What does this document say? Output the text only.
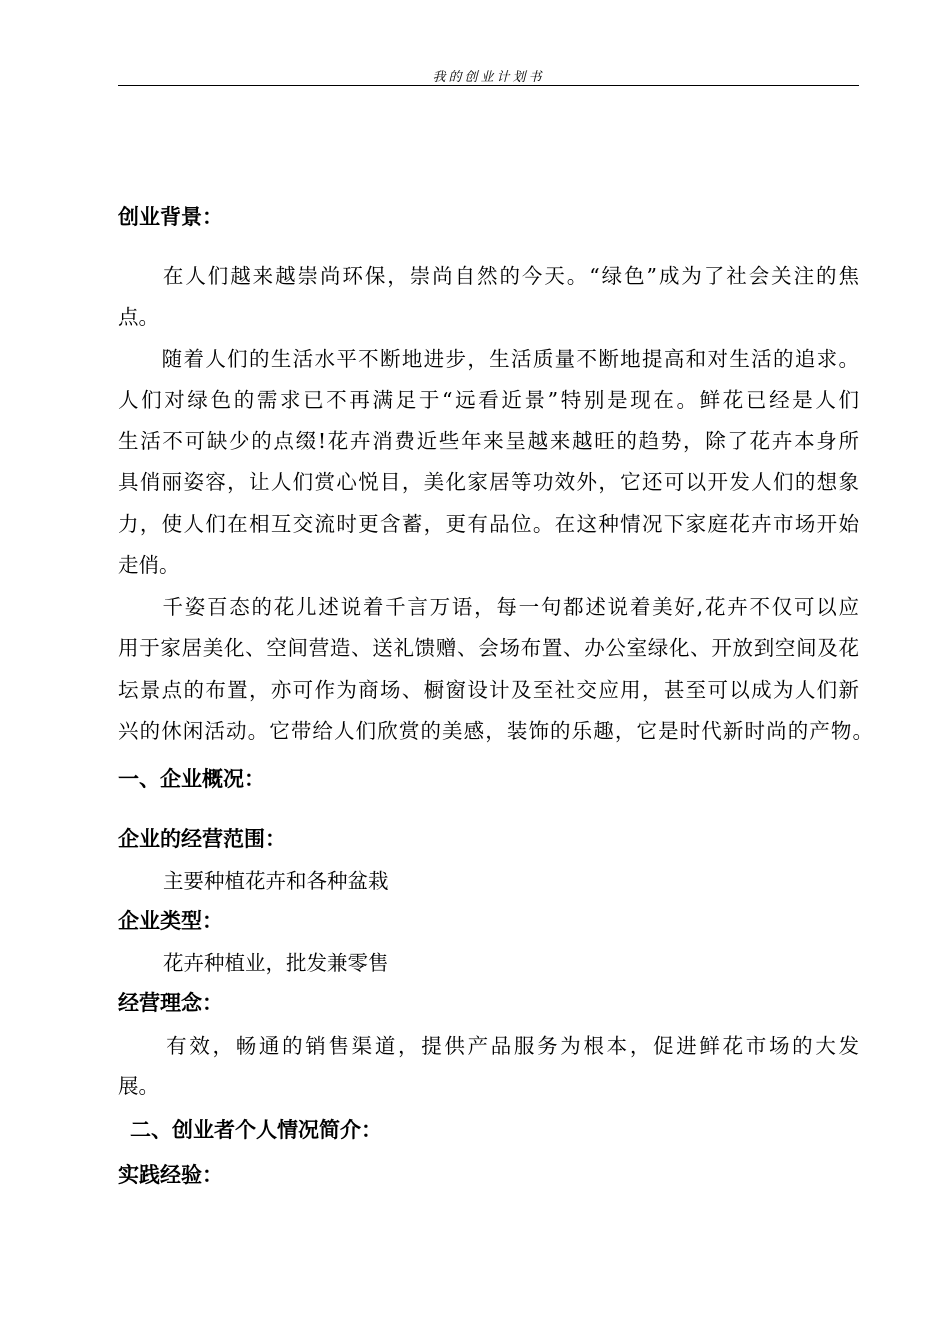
我的创业计划书
创业背景：
　　在人们越来越崇尚环保，崇尚自然的今天。“绿色”成为了社会关注的焦
点。
　　随着人们的生活水平不断地进步，生活质量不断地提高和对生活的追求。
人们对绿色的需求已不再满足于“远看近景”特别是现在。鲜花已经是人们
生活不可缺少的点缀!花卉消费近些年来呈越来越旺的趋势，除了花卉本身所
具俏丽姿容，让人们赏心悦目，美化家居等功效外，它还可以开发人们的想象
力，使人们在相互交流时更含蓄，更有品位。在这种情况下家庭花卉市场开始
走俏。
　　千姿百态的花儿述说着千言万语，每一句都述说着美好,花卉不仅可以应
用于家居美化、空间营造、送礼馈赠、会场布置、办公室绿化、开放到空间及花
坛景点的布置，亦可作为商场、橱窗设计及至社交应用，甚至可以成为人们新
兴的休闲活动。它带给人们欣赏的美感，装饰的乐趣，它是时代新时尚的产物。
一、企业概况：
企业的经营范围：
主要种植花卉和各种盆栽
企业类型：
花卉种植业，批发兼零售
经营理念：
　有效，畅通的销售渠道，提供产品服务为根本，促进鲜花市场的大发
展。
二、创业者个人情况简介：
实践经验：
